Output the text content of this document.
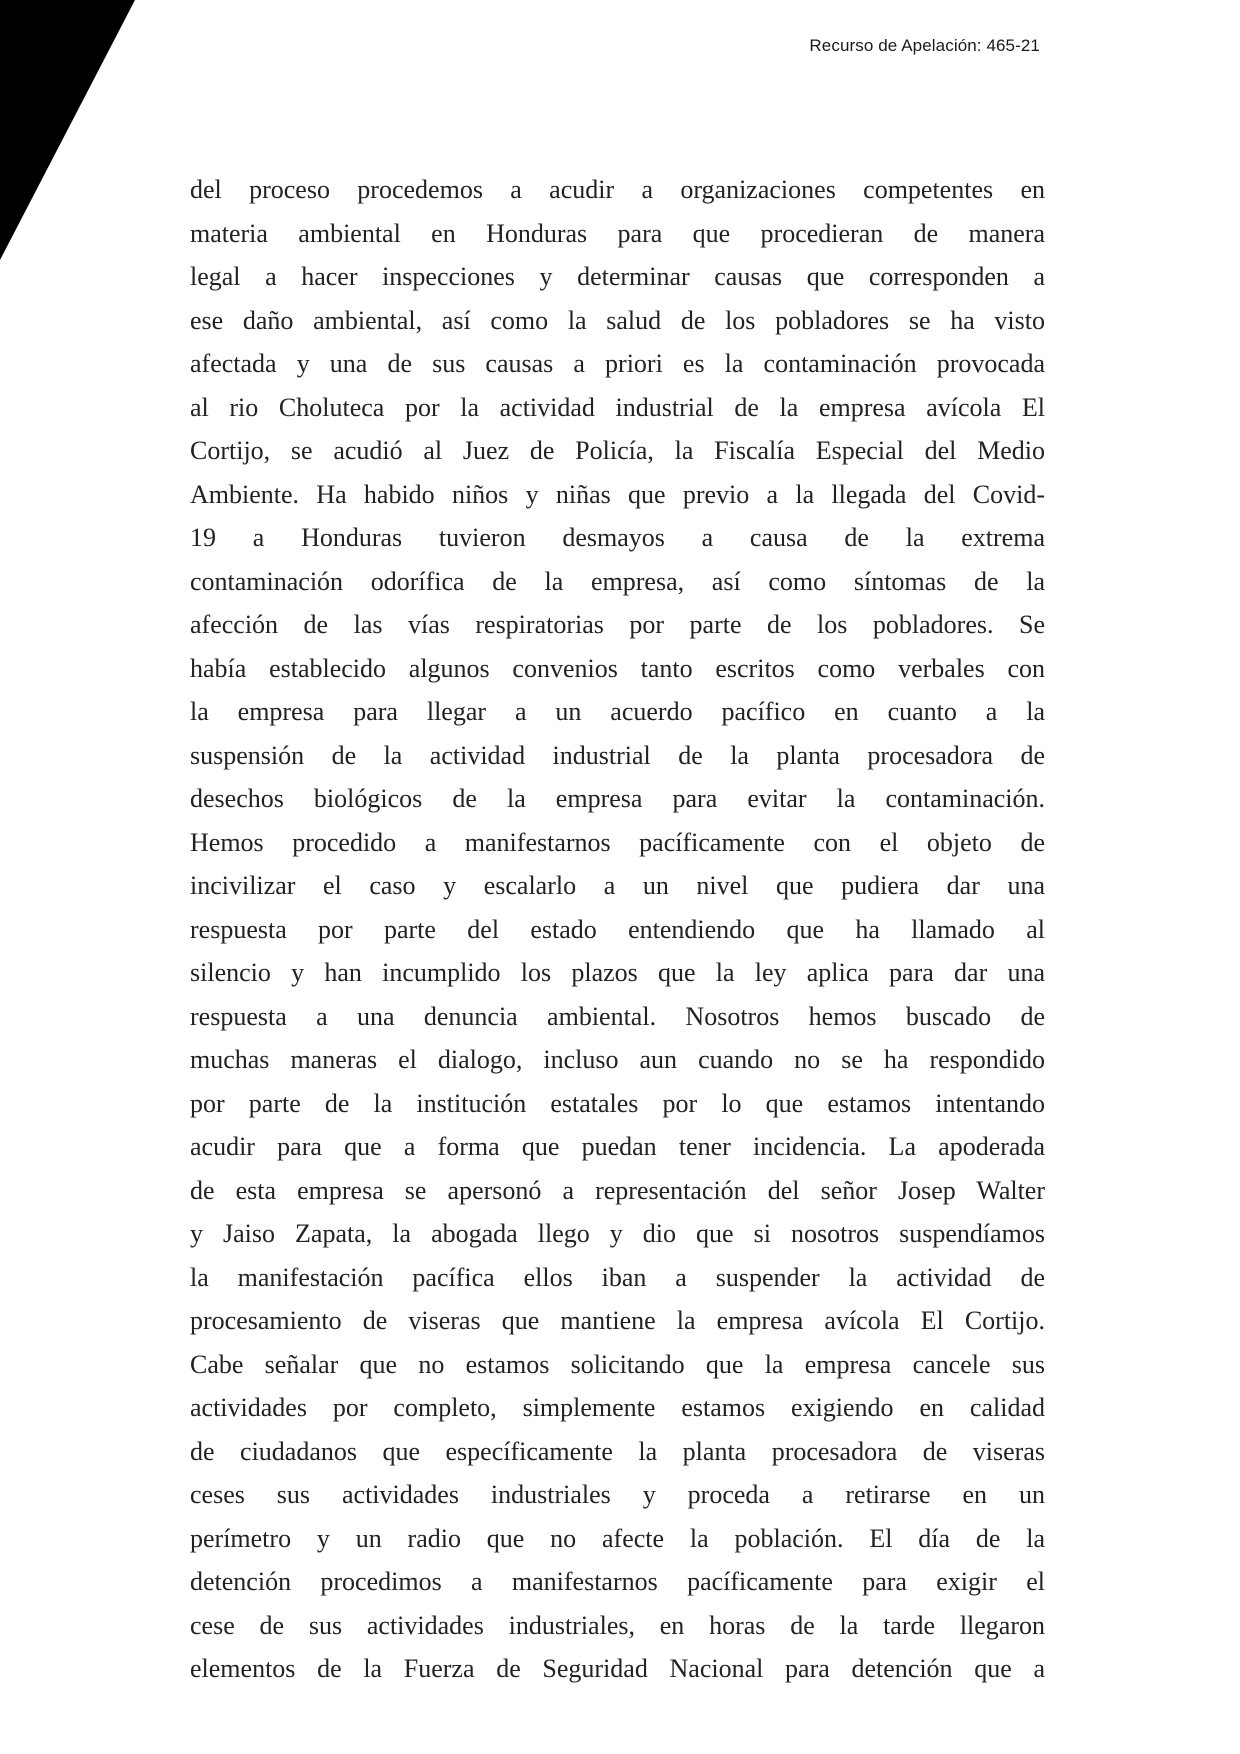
Recurso de Apelación: 465-21
del proceso procedemos a acudir a organizaciones competentes en
materia ambiental en Honduras para que procedieran de manera
legal a hacer inspecciones y determinar causas que corresponden a
ese daño ambiental, así como la salud de los pobladores se ha visto
afectada y una de sus causas a priori es la contaminación provocada
al rio Choluteca por la actividad industrial de la empresa avícola El
Cortijo, se acudió al Juez de Policía, la Fiscalía Especial del Medio
Ambiente. Ha habido niños y niñas que previo a la llegada del Covid-
19 a Honduras tuvieron desmayos a causa de la extrema
contaminación odorífica de la empresa, así como síntomas de la
afección de las vías respiratorias por parte de los pobladores. Se
había establecido algunos convenios tanto escritos como verbales con
la empresa para llegar a un acuerdo pacífico en cuanto a la
suspensión de la actividad industrial de la planta procesadora de
desechos biológicos de la empresa para evitar la contaminación.
Hemos procedido a manifestarnos pacíficamente con el objeto de
incivilizar el caso y escalarlo a un nivel que pudiera dar una
respuesta por parte del estado entendiendo que ha llamado al
silencio y han incumplido los plazos que la ley aplica para dar una
respuesta a una denuncia ambiental. Nosotros hemos buscado de
muchas maneras el dialogo, incluso aun cuando no se ha respondido
por parte de la institución estatales por lo que estamos intentando
acudir para que a forma que puedan tener incidencia. La apoderada
de esta empresa se apersonó a representación del señor Josep Walter
y Jaiso Zapata, la abogada llego y dio que si nosotros suspendíamos
la manifestación pacífica ellos iban a suspender la actividad de
procesamiento de viseras que mantiene la empresa avícola El Cortijo.
Cabe señalar que no estamos solicitando que la empresa cancele sus
actividades por completo, simplemente estamos exigiendo en calidad
de ciudadanos que específicamente la planta procesadora de viseras
ceses sus actividades industriales y proceda a retirarse en un
perímetro y un radio que no afecte la población. El día de la
detención procedimos a manifestarnos pacíficamente para exigir el
cese de sus actividades industriales, en horas de la tarde llegaron
elementos de la Fuerza de Seguridad Nacional para detención que a
